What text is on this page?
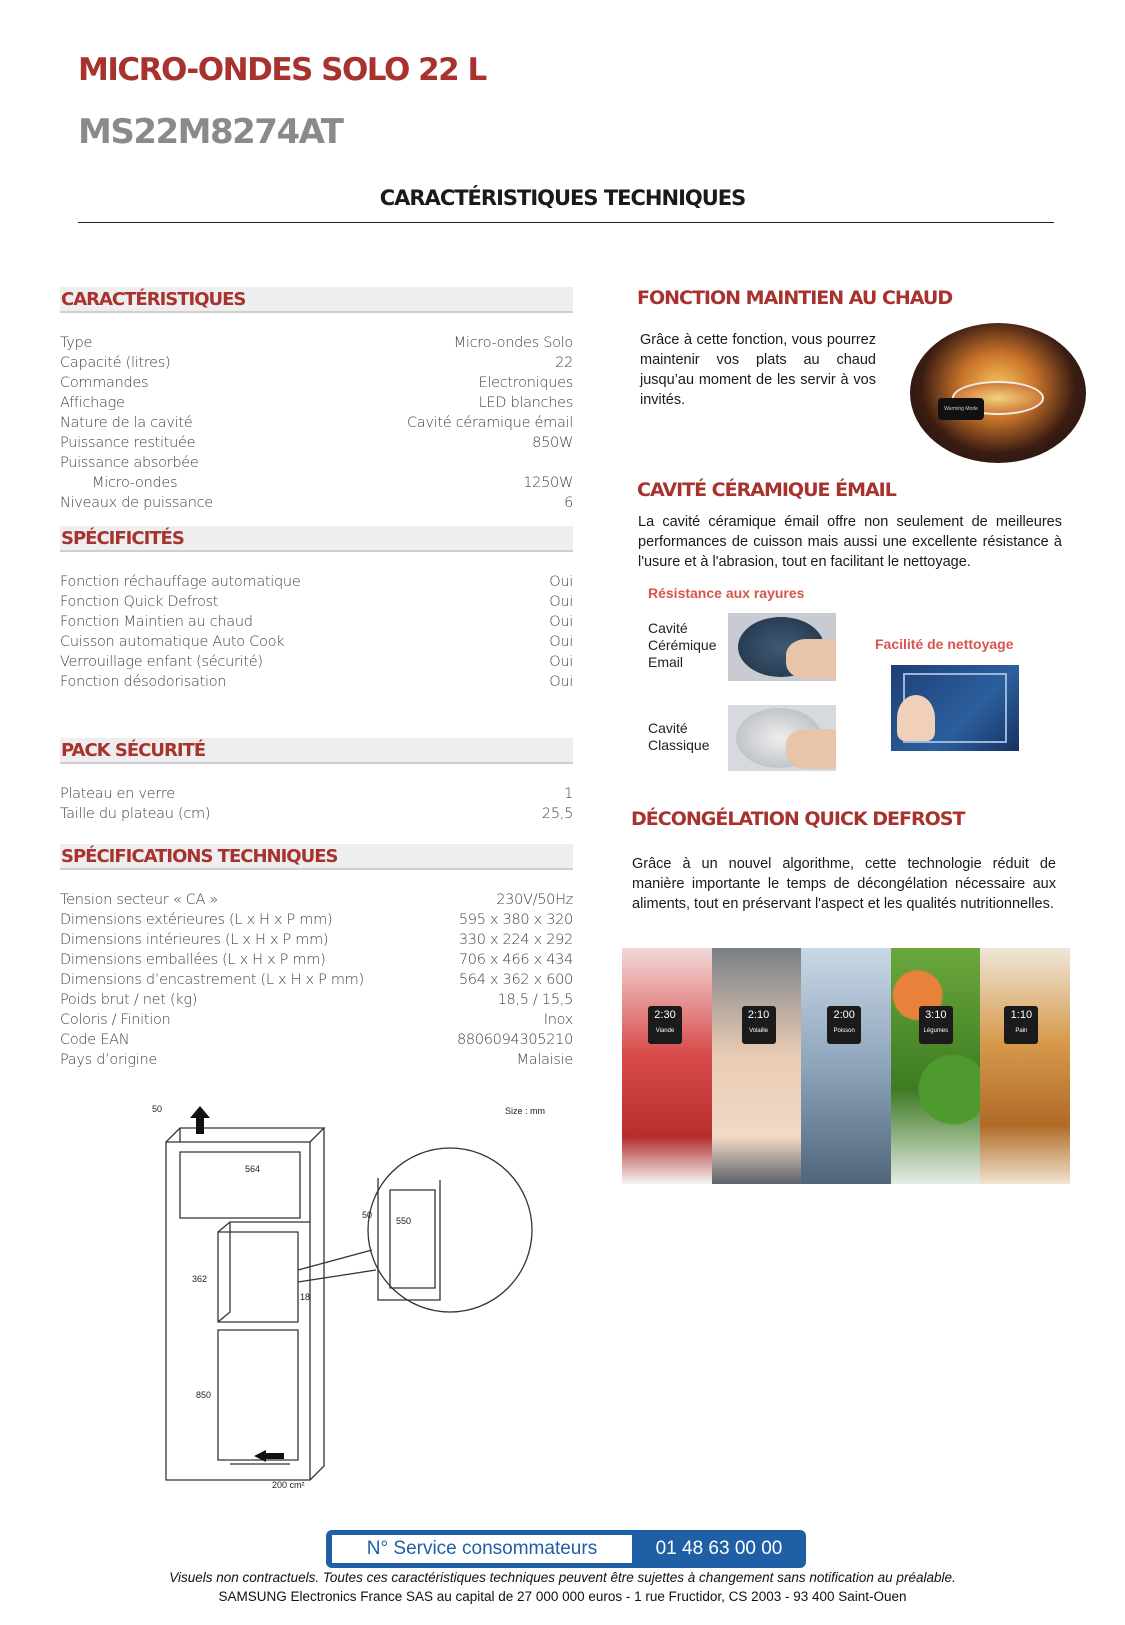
MICRO-ONDES SOLO 22 L
MS22M8274AT
CARACTÉRISTIQUES TECHNIQUES
CARACTÉRISTIQUES
Type	Micro-ondes Solo
Capacité (litres)	22
Commandes	Electroniques
Affichage	LED blanches
Nature de la cavité	Cavité céramique émail
Puissance restituée	850W
Puissance absorbée
Micro-ondes	1250W
Niveaux de puissance	6
SPÉCIFICITÉS
Fonction réchauffage automatique	Oui
Fonction Quick Defrost	Oui
Fonction Maintien au chaud	Oui
Cuisson automatique Auto Cook	Oui
Verrouillage enfant (sécurité)	Oui
Fonction désodorisation	Oui
PACK SÉCURITÉ
Plateau en verre	1
Taille du plateau (cm)	25,5
SPÉCIFICATIONS TECHNIQUES
Tension secteur « CA »	230V/50Hz
Dimensions extérieures (L x H x P mm)	595 x 380 x 320
Dimensions intérieures (L x H x P mm)	330 x 224 x 292
Dimensions emballées (L x H x P mm)	706 x 466 x 434
Dimensions d’encastrement (L x H x P mm)	564 x 362 x 600
Poids brut / net (kg)	18,5 / 15,5
Coloris / Finition	Inox
Code EAN	8806094305210
Pays d’origine	Malaisie
50
564
362
18
850
200 cm²
50
550
Size : mm
FONCTION MAINTIEN AU CHAUD
Grâce à cette fonction, vous pourrez maintenir vos plats au chaud jusqu’au moment de les servir à vos invités.
Warming Mode
CAVITÉ CÉRAMIQUE ÉMAIL
La cavité céramique émail offre non seulement de meilleures performances de cuisson mais aussi une excellente résistance à l'usure et à l'abrasion, tout en facilitant le nettoyage.
Résistance aux rayures
Cavité
Cérémique
Email
Cavité
Classique
Facilité de nettoyage
DÉCONGÉLATION QUICK DEFROST
Grâce à un nouvel algorithme, cette technologie réduit de manière importante le temps de décongélation nécessaire aux aliments, tout en préservant l'aspect et les qualités nutritionnelles.
2:30
Viande
2:10
Volaille
2:00
Poisson
3:10
Légumes
1:10
Pain
N° Service consommateurs	01 48 63 00 00
Visuels non contractuels. Toutes ces caractéristiques techniques peuvent être sujettes à changement sans notification au préalable.
SAMSUNG Electronics France SAS au capital de 27 000 000 euros - 1 rue Fructidor, CS 2003 - 93 400 Saint-Ouen
